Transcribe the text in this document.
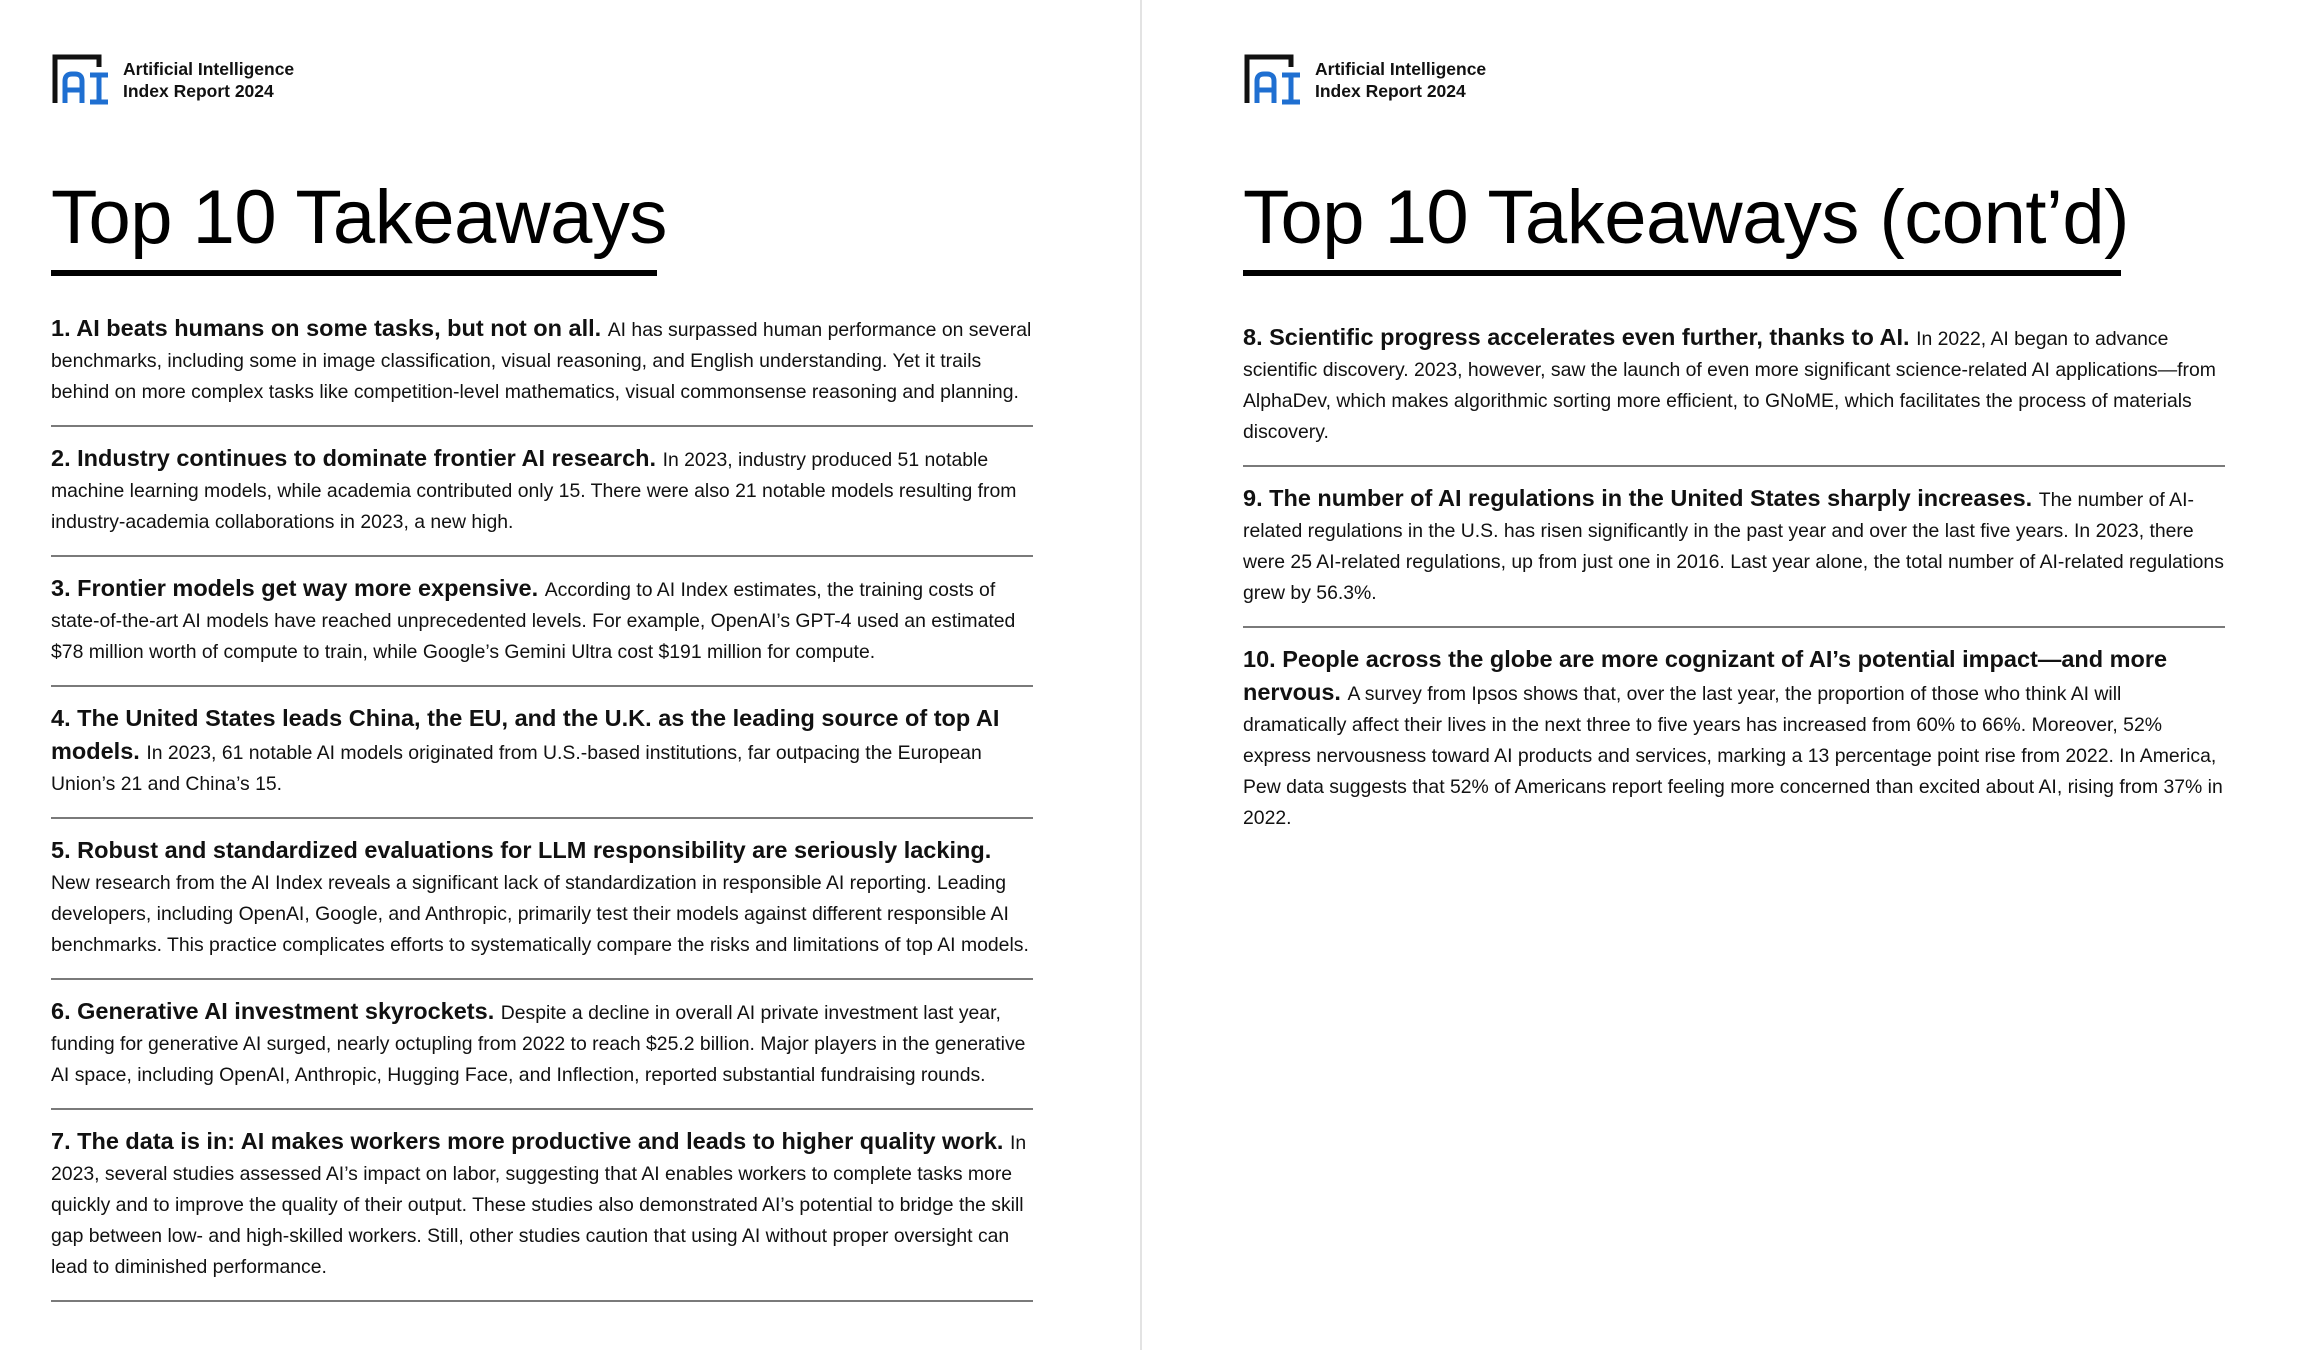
Artificial Intelligence
Index Report 2024
Top 10 Takeaways
1. AI beats humans on some tasks, but not on all. AI has surpassed human performance on several benchmarks, including some in image classification, visual reasoning, and English understanding. Yet it trails behind on more complex tasks like competition-level mathematics, visual commonsense reasoning and planning.
2. Industry continues to dominate frontier AI research. In 2023, industry produced 51 notable machine learning models, while academia contributed only 15. There were also 21 notable models resulting from industry-academia collaborations in 2023, a new high.
3. Frontier models get way more expensive. According to AI Index estimates, the training costs of state-of-the-art AI models have reached unprecedented levels. For example, OpenAI’s GPT-4 used an estimated $78 million worth of compute to train, while Google’s Gemini Ultra cost $191 million for compute.
4. The United States leads China, the EU, and the U.K. as the leading source of top AI models. In 2023, 61 notable AI models originated from U.S.-based institutions, far outpacing the European Union’s 21 and China’s 15.
5. Robust and standardized evaluations for LLM responsibility are seriously lacking. New research from the AI Index reveals a significant lack of standardization in responsible AI reporting. Leading developers, including OpenAI, Google, and Anthropic, primarily test their models against different responsible AI benchmarks. This practice complicates efforts to systematically compare the risks and limitations of top AI models.
6. Generative AI investment skyrockets. Despite a decline in overall AI private investment last year, funding for generative AI surged, nearly octupling from 2022 to reach $25.2 billion. Major players in the generative AI space, including OpenAI, Anthropic, Hugging Face, and Inflection, reported substantial fundraising rounds.
7. The data is in: AI makes workers more productive and leads to higher quality work. In 2023, several studies assessed AI’s impact on labor, suggesting that AI enables workers to complete tasks more quickly and to improve the quality of their output. These studies also demonstrated AI’s potential to bridge the skill gap between low- and high-skilled workers. Still, other studies caution that using AI without proper oversight can lead to diminished performance.
Artificial Intelligence
Index Report 2024
Top 10 Takeaways (cont’d)
8. Scientific progress accelerates even further, thanks to AI. In 2022, AI began to advance scientific discovery. 2023, however, saw the launch of even more significant science-related AI applications—from AlphaDev, which makes algorithmic sorting more efficient, to GNoME, which facilitates the process of materials discovery.
9. The number of AI regulations in the United States sharply increases. The number of AI-related regulations in the U.S. has risen significantly in the past year and over the last five years. In 2023, there were 25 AI-related regulations, up from just one in 2016. Last year alone, the total number of AI-related regulations grew by 56.3%.
10. People across the globe are more cognizant of AI’s potential impact—and more nervous. A survey from Ipsos shows that, over the last year, the proportion of those who think AI will dramatically affect their lives in the next three to five years has increased from 60% to 66%. Moreover, 52% express nervousness toward AI products and services, marking a 13 percentage point rise from 2022. In America, Pew data suggests that 52% of Americans report feeling more concerned than excited about AI, rising from 37% in 2022.
